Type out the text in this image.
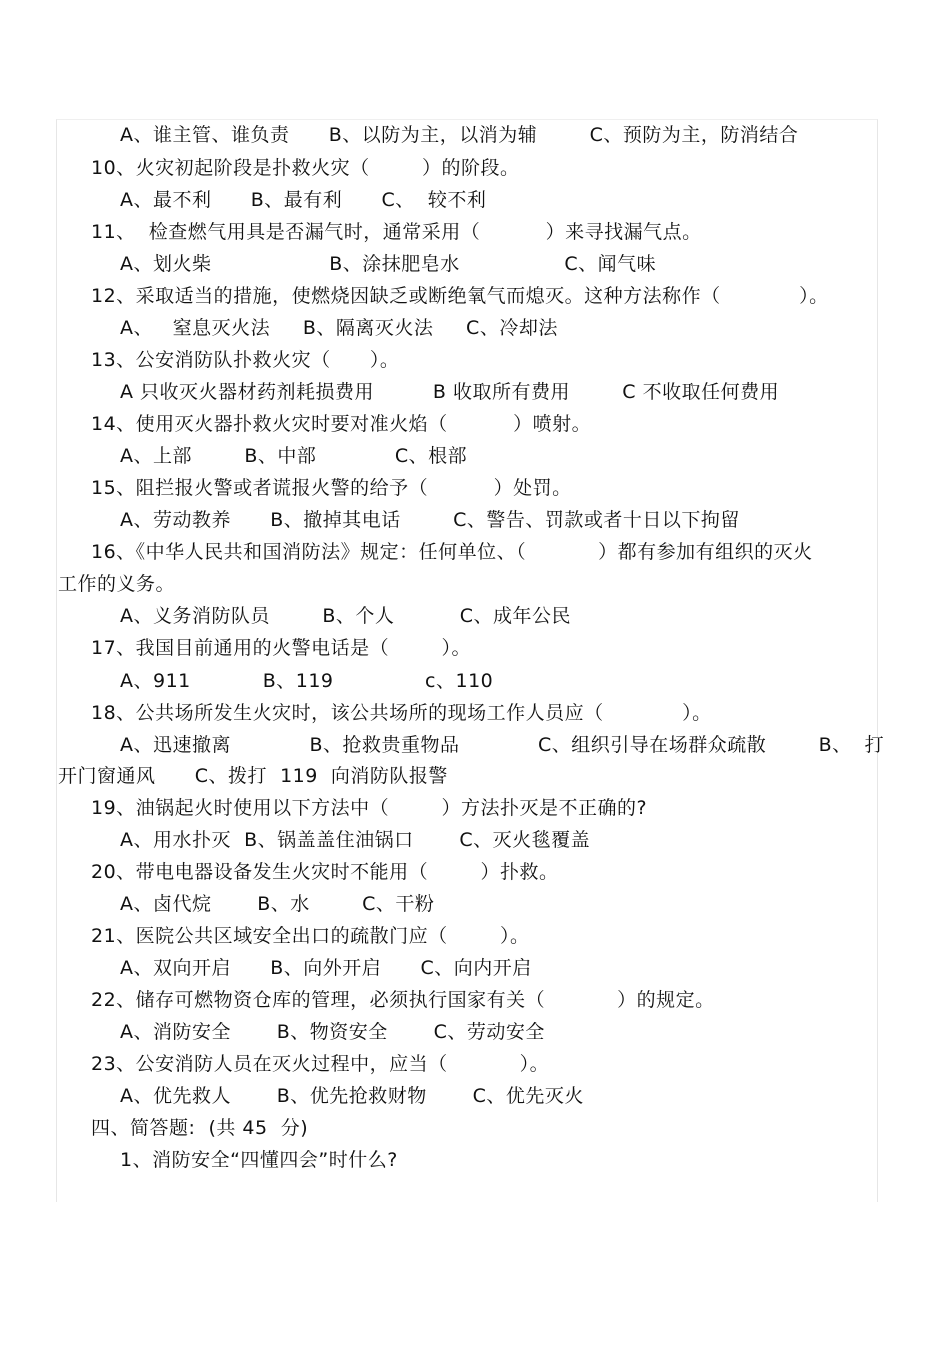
A、谁主管、谁负责      B、以防为主，以消为辅        C、预防为主，防消结合
10、火灾初起阶段是扑救火灾（        ）的阶段。
A、最不利      B、最有利      C、  较不利
11、  检查燃气用具是否漏气时，通常采用（          ）来寻找漏气点。
A、划火柴                  B、涂抹肥皂水                C、闻气味
12、采取适当的措施，使燃烧因缺乏或断绝氧气而熄灭。这种方法称作（            ）。
A、   窒息灭火法     B、隔离灭火法     C、冷却法
13、公安消防队扑救火灾（      ）。
A 只收灭火器材药剂耗损费用         B 收取所有费用        C 不收取任何费用
14、使用灭火器扑救火灾时要对准火焰（          ）喷射。
A、上部        B、中部            C、根部
15、阻拦报火警或者谎报火警的给予（          ）处罚。
A、劳动教养      B、撤掉其电话        C、警告、罚款或者十日以下拘留
16、《中华人民共和国消防法》规定：任何单位、（           ）都有参加有组织的灭火
工作的义务。
A、义务消防队员        B、个人          C、成年公民
17、我国目前通用的火警电话是（        ）。
A、911           B、119              c、110
18、公共场所发生火灾时，该公共场所的现场工作人员应（            ）。
A、迅速撤离            B、抢救贵重物品            C、组织引导在场群众疏散        B、  打
开门窗通风      C、拨打  119  向消防队报警
19、油锅起火时使用以下方法中（        ）方法扑灭是不正确的?
A、用水扑灭  B、锅盖盖住油锅口       C、灭火毯覆盖
20、带电电器设备发生火灾时不能用（        ）扑救。
A、卤代烷       B、水        C、干粉
21、医院公共区域安全出口的疏散门应（        ）。
A、双向开启      B、向外开启      C、向内开启
22、储存可燃物资仓库的管理，必须执行国家有关（           ）的规定。
A、消防安全       B、物资安全       C、劳动安全
23、公安消防人员在灭火过程中，应当（           ）。
A、优先救人       B、优先抢救财物       C、优先灭火
四、简答题:  (共 45  分)
1、消防安全“四懂四会”时什么?
